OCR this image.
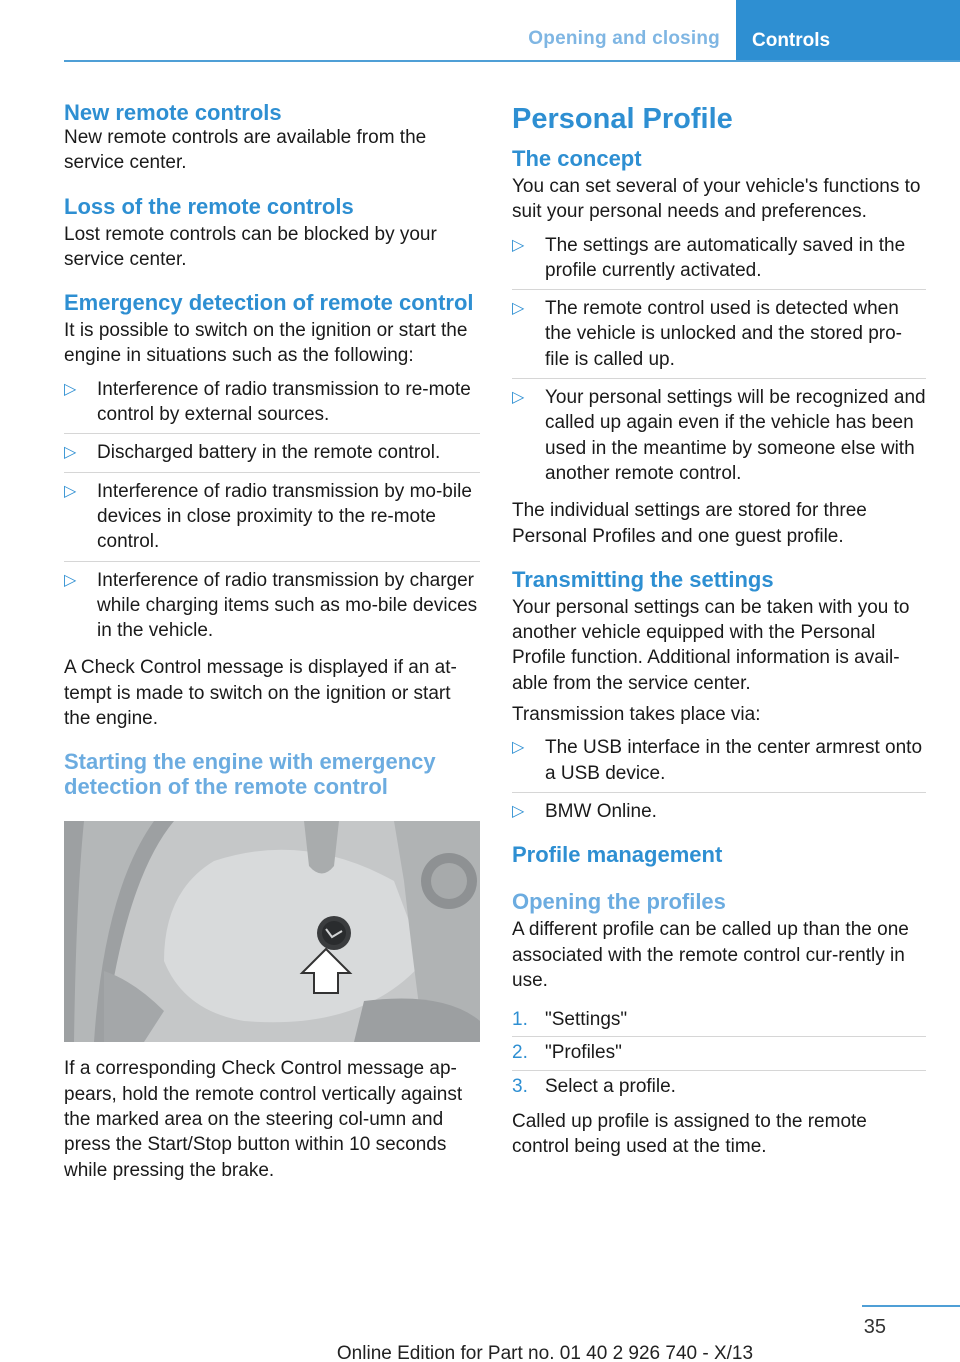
Opening and closing	Controls
New remote controls
New remote controls are available from the service center.
Loss of the remote controls
Lost remote controls can be blocked by your service center.
Emergency detection of remote control
It is possible to switch on the ignition or start the engine in situations such as the following:
▷ Interference of radio transmission to re‐mote control by external sources.
▷ Discharged battery in the remote control.
▷ Interference of radio transmission by mo‐bile devices in close proximity to the re‐mote control.
▷ Interference of radio transmission by charger while charging items such as mo‐bile devices in the vehicle.
A Check Control message is displayed if an at‐tempt is made to switch on the ignition or start the engine.
Starting the engine with emergency detection of the remote control
If a corresponding Check Control message ap‐pears, hold the remote control vertically against the marked area on the steering col‐umn and press the Start/Stop button within 10 seconds while pressing the brake.
Personal Profile
The concept
You can set several of your vehicle's functions to suit your personal needs and preferences.
▷ The settings are automatically saved in the profile currently activated.
▷ The remote control used is detected when the vehicle is unlocked and the stored pro‐file is called up.
▷ Your personal settings will be recognized and called up again even if the vehicle has been used in the meantime by someone else with another remote control.
The individual settings are stored for three Personal Profiles and one guest profile.
Transmitting the settings
Your personal settings can be taken with you to another vehicle equipped with the Personal Profile function. Additional information is avail‐able from the service center.
Transmission takes place via:
▷ The USB interface in the center armrest onto a USB device.
▷ BMW Online.
Profile management
Opening the profiles
A different profile can be called up than the one associated with the remote control cur‐rently in use.
1. "Settings"
2. "Profiles"
3. Select a profile.
Called up profile is assigned to the remote control being used at the time.
35
Online Edition for Part no. 01 40 2 926 740 - X/13
